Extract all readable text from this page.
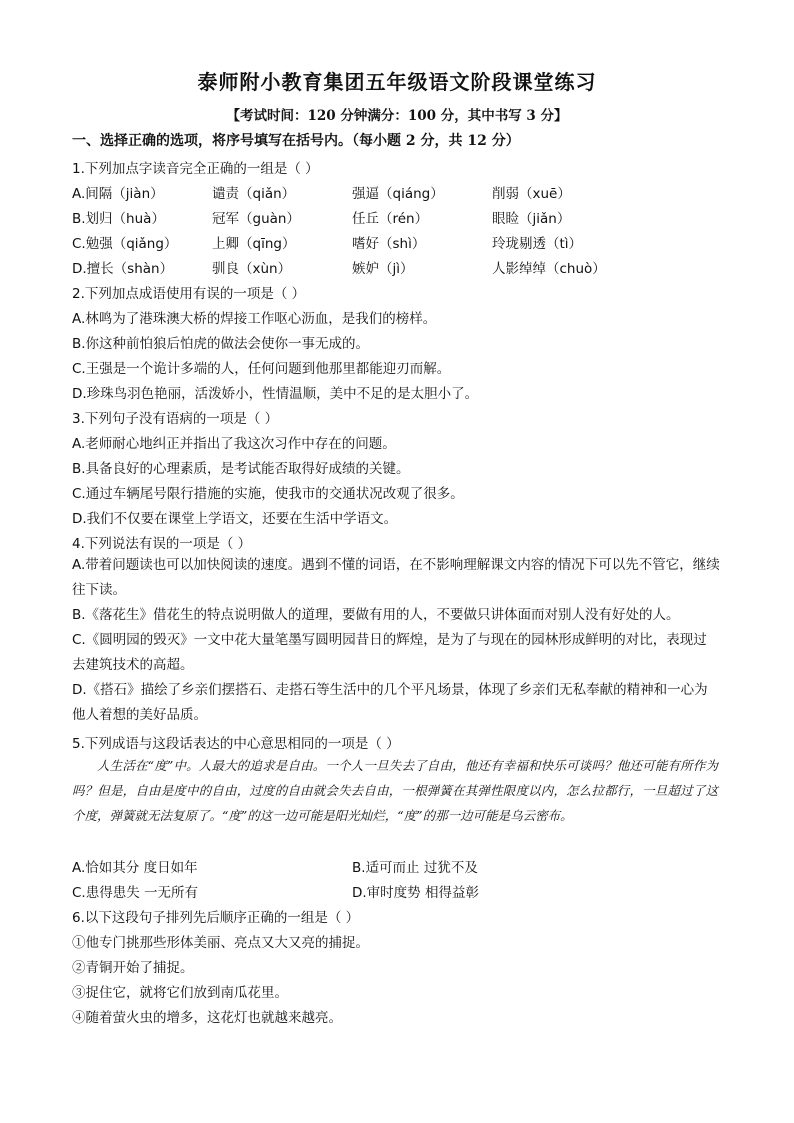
泰师附小教育集团五年级语文阶段课堂练习
【考试时间：120 分钟满分：100 分，其中书写 3 分】
一、选择正确的选项，将序号填写在括号内。（每小题 2 分，共 12 分）
1.下列加点字读音完全正确的一组是（ ）
A.间隔（jiàn）	谴责（qiǎn）	强逼（qiáng）	削弱（xuē）
B.划归（huà）	冠军（guàn）	任丘（rén）	眼睑（jiǎn）
C.勉强（qiǎng）	上卿（qīng）	嗜好（shì）	玲珑剔透（tì）
D.擅长（shàn）	驯良（xùn）	嫉妒（jì）	人影绰绰（chuò）
2.下列加点成语使用有误的一项是（ ）
A.林鸣为了港珠澳大桥的焊接工作呕心沥血，是我们的榜样。
B.你这种前怕狼后怕虎的做法会使你一事无成的。
C.王强是一个诡计多端的人，任何问题到他那里都能迎刃而解。
D.珍珠鸟羽色艳丽，活泼娇小，性情温顺，美中不足的是太胆小了。
3.下列句子没有语病的一项是（ ）
A.老师耐心地纠正并指出了我这次习作中存在的问题。
B.具备良好的心理素质，是考试能否取得好成绩的关键。
C.通过车辆尾号限行措施的实施，使我市的交通状况改观了很多。
D.我们不仅要在课堂上学语文，还要在生活中学语文。
4.下列说法有误的一项是（ ）
A.带着问题读也可以加快阅读的速度。遇到不懂的词语，在不影响理解课文内容的情况下可以先不管它，继续往下读。
B.《落花生》借花生的特点说明做人的道理，要做有用的人，不要做只讲体面而对别人没有好处的人。
C.《圆明园的毁灭》一文中花大量笔墨写圆明园昔日的辉煌，是为了与现在的园林形成鲜明的对比，表现过去建筑技术的高超。
D.《搭石》描绘了乡亲们摆搭石、走搭石等生活中的几个平凡场景，体现了乡亲们无私奉献的精神和一心为他人着想的美好品质。
5.下列成语与这段话表达的中心意思相同的一项是（ ）
人生活在“度”中。人最大的追求是自由。一个人一旦失去了自由，他还有幸福和快乐可谈吗？他还可能有所作为吗？但是，自由是度中的自由，过度的自由就会失去自由，一根弹簧在其弹性限度以内，怎么拉都行，一旦超过了这个度，弹簧就无法复原了。“度”的这一边可能是阳光灿烂，“度”的那一边可能是乌云密布。
A.恰如其分 度日如年	B.适可而止 过犹不及
C.患得患失 一无所有	D.审时度势 相得益彰
6.以下这段句子排列先后顺序正确的一组是（ ）
①他专门挑那些形体美丽、亮点又大又亮的捕捉。
②青铜开始了捕捉。
③捉住它，就将它们放到南瓜花里。
④随着萤火虫的增多，这花灯也就越来越亮。
